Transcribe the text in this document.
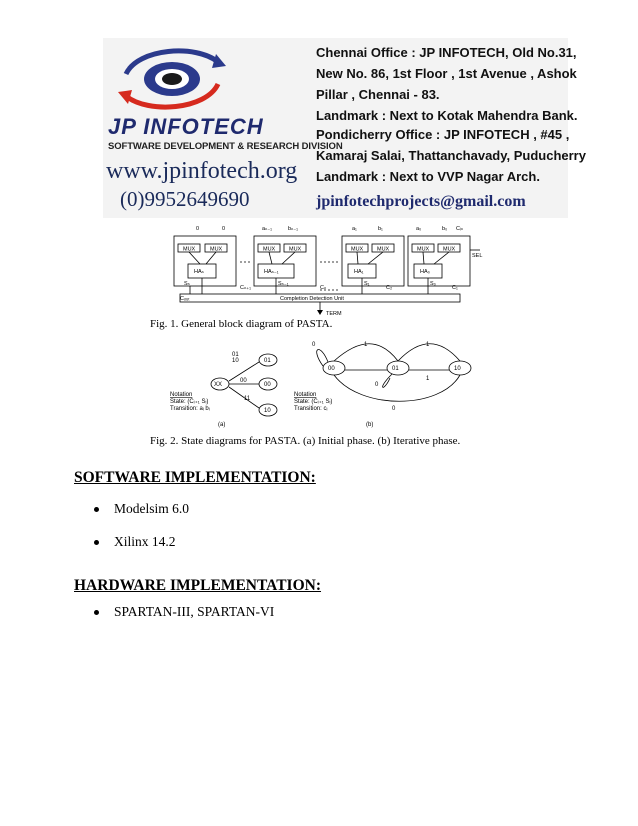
JP INFOTECH
SOFTWARE DEVELOPMENT & RESEARCH DIVISION
www.jpinfotech.org
(0)9952649690
Chennai Office : JP INFOTECH, Old No.31,
New No. 86, 1st Floor , 1st Avenue , Ashok
Pillar , Chennai - 83.
Landmark : Next to Kotak Mahendra Bank.
Pondicherry Office : JP INFOTECH , #45 ,
Kamaraj Salai, Thattanchavady, Puducherry
Landmark : Next to VVP Nagar Arch.
jpinfotechprojects@gmail.com
MUX	MUX	MUX	MUX	MUX	MUX	MUX	MUX
0	0	aₙ₋₁	bₙ₋₁	a₁	b₁	a₀	b₀ Cᵢₙ
HAₙ	HAₙ₋₁	HA₁	HA₀
Sₙ	Sₙ₋₁	S₁	S₀
Cₙ₊₁	Cₙ	C₂	C₁
Cₒᵤₜ
SEL
Completion Detection Unit
TERM
Fig. 1. General block diagram of PASTA.
XX
01
00
10
01
10
00
11
Notation
State: (Cᵢ₊₁ Sᵢ)
Transition: aᵢ bᵢ
(a)
00	01	10
0	1	1
0
1
0
Notation
State: (Cᵢ₊₁ Sᵢ)
Transition: cᵢ
(b)
Fig. 2. State diagrams for PASTA. (a) Initial phase. (b) Iterative phase.
SOFTWARE IMPLEMENTATION:
Modelsim 6.0
Xilinx 14.2
HARDWARE IMPLEMENTATION:
SPARTAN-III, SPARTAN-VI
